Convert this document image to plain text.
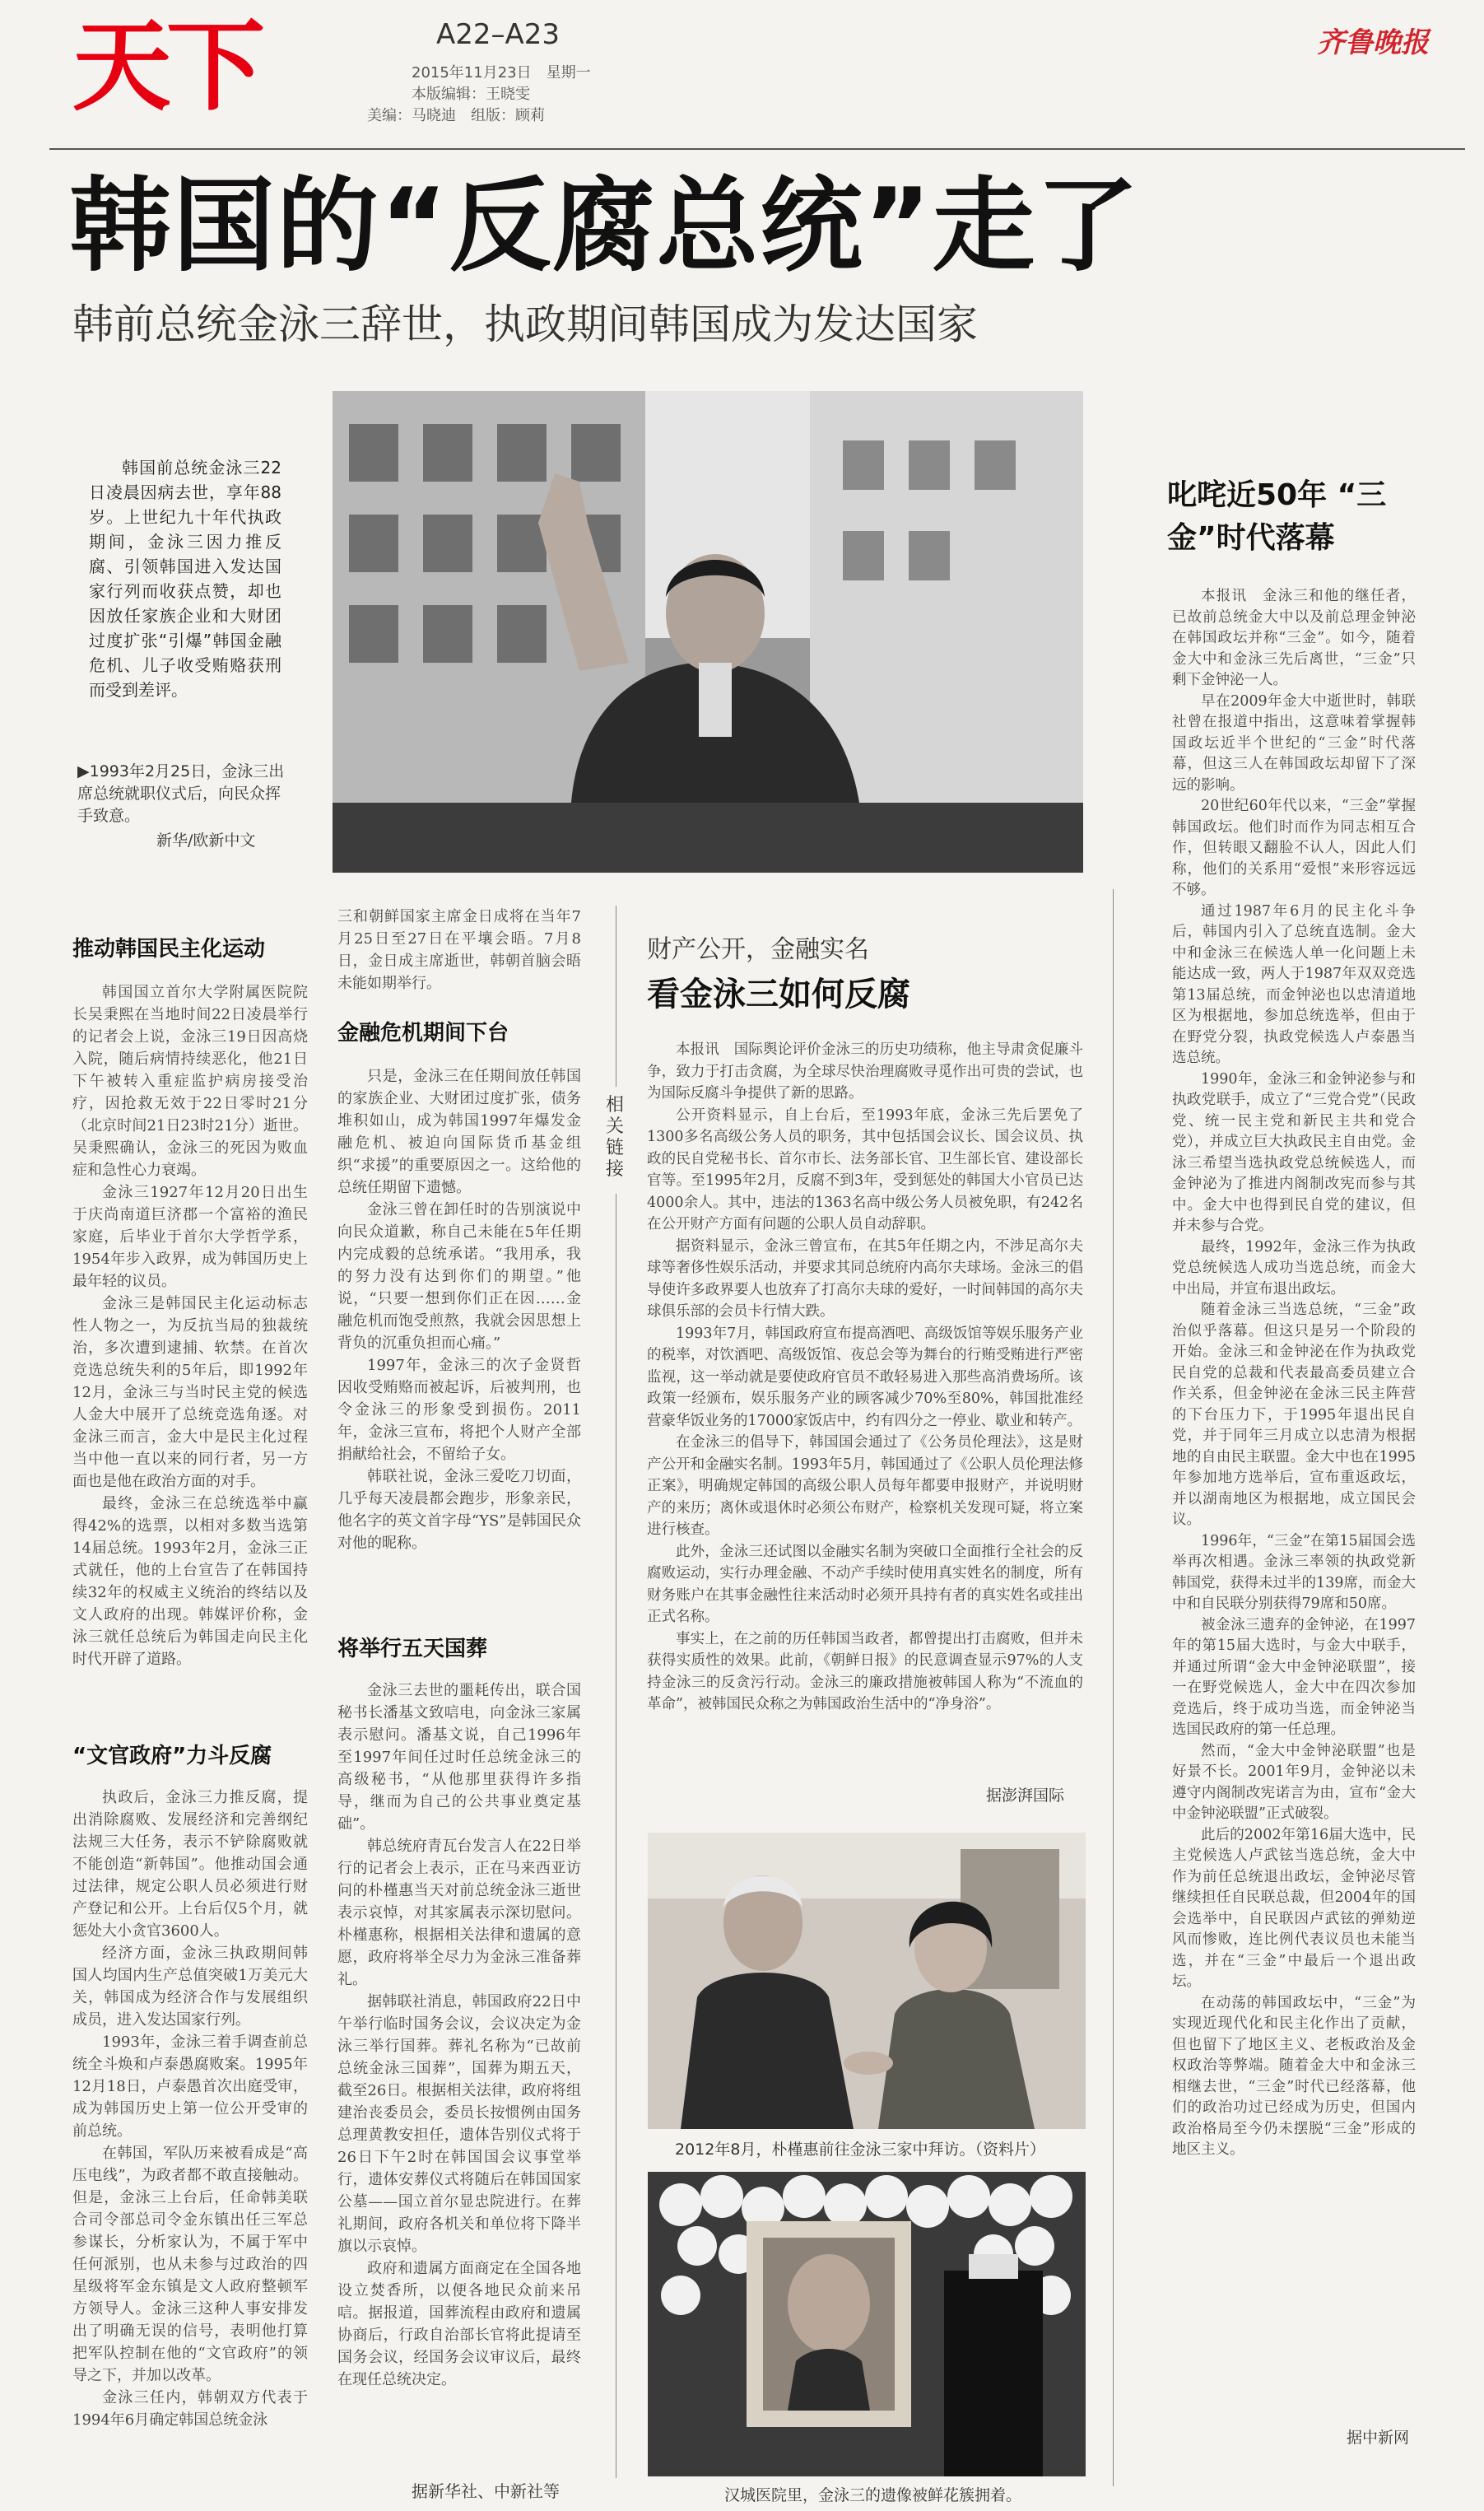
天下	A22–A23
2015年11月23日　星期一
本版编辑：王晓雯
美编：马晓迪　组版：顾莉
齐鲁晚报
韩国的“反腐总统”走了
韩前总统金泳三辞世，执政期间韩国成为发达国家
韩国前总统金泳三22日凌晨因病去世，享年88岁。上世纪九十年代执政期间，金泳三因力推反腐、引领韩国进入发达国家行列而收获点赞，却也因放任家族企业和大财团过度扩张“引爆”韩国金融危机、儿子收受贿赂获刑而受到差评。
▶1993年2月25日，金泳三出席总统就职仪式后，向民众挥手致意。
新华/欧新中文
推动韩国民主化运动

韩国国立首尔大学附属医院院长吴秉熙在当地时间22日凌晨举行的记者会上说，金泳三19日因高烧入院，随后病情持续恶化，他21日下午被转入重症监护病房接受治疗，因抢救无效于22日零时21分（北京时间21日23时21分）逝世。吴秉熙确认，金泳三的死因为败血症和急性心力衰竭。

金泳三1927年12月20日出生于庆尚南道巨济郡一个富裕的渔民家庭，后毕业于首尔大学哲学系，1954年步入政界，成为韩国历史上最年轻的议员。

金泳三是韩国民主化运动标志性人物之一，为反抗当局的独裁统治，多次遭到逮捕、软禁。在首次竞选总统失利的5年后，即1992年12月，金泳三与当时民主党的候选人金大中展开了总统竞选角逐。对金泳三而言，金大中是民主化过程当中他一直以来的同行者，另一方面也是他在政治方面的对手。

最终，金泳三在总统选举中赢得42%的选票，以相对多数当选第14届总统。1993年2月，金泳三正式就任，他的上台宣告了在韩国持续32年的权威主义统治的终结以及文人政府的出现。韩媒评价称，金泳三就任总统后为韩国走向民主化时代开辟了道路。

“文官政府”力斗反腐

执政后，金泳三力推反腐，提出消除腐败、发展经济和完善纲纪法规三大任务，表示不铲除腐败就不能创造“新韩国”。他推动国会通过法律，规定公职人员必须进行财产登记和公开。上台后仅5个月，就惩处大小贪官3600人。

经济方面，金泳三执政期间韩国人均国内生产总值突破1万美元大关，韩国成为经济合作与发展组织成员，进入发达国家行列。

1993年，金泳三着手调查前总统全斗焕和卢泰愚腐败案。1995年12月18日，卢泰愚首次出庭受审，成为韩国历史上第一位公开受审的前总统。

在韩国，军队历来被看成是“高压电线”，为政者都不敢直接触动。但是，金泳三上台后，任命韩美联合司令部总司令金东镇出任三军总参谋长，分析家认为，不属于军中任何派别，也从未参与过政治的四星级将军金东镇是文人政府整顿军方领导人。金泳三这种人事安排发出了明确无误的信号，表明他打算把军队控制在他的“文官政府”的领导之下，并加以改革。

金泳三任内，韩朝双方代表于1994年6月确定韩国总统金泳

三和朝鲜国家主席金日成将在当年7月25日至27日在平壤会晤。7月8日，金日成主席逝世，韩朝首脑会晤未能如期举行。

金融危机期间下台

只是，金泳三在任期间放任韩国的家族企业、大财团过度扩张，债务堆积如山，成为韩国1997年爆发金融危机、被迫向国际货币基金组织“求援”的重要原因之一。这给他的总统任期留下遗憾。

金泳三曾在卸任时的告别演说中向民众道歉，称自己未能在5年任期内完成毅的总统承诺。“我用承，我的努力没有达到你们的期望。”他说，“只要一想到你们正在因……金融危机而饱受煎熬，我就会因思想上背负的沉重负担而心痛。”

1997年，金泳三的次子金贤哲因收受贿赂而被起诉，后被判刑，也令金泳三的形象受到损伤。2011年，金泳三宣布，将把个人财产全部捐献给社会，不留给子女。

韩联社说，金泳三爱吃刀切面，几乎每天凌晨都会跑步，形象亲民，他名字的英文首字母“YS”是韩国民众对他的昵称。

将举行五天国葬

金泳三去世的噩耗传出，联合国秘书长潘基文致唁电，向金泳三家属表示慰问。潘基文说，自己1996年至1997年间任过时任总统金泳三的高级秘书，“从他那里获得许多指导，继而为自己的公共事业奠定基础”。

韩总统府青瓦台发言人在22日举行的记者会上表示，正在马来西亚访问的朴槿惠当天对前总统金泳三逝世表示哀悼，对其家属表示深切慰问。朴槿惠称，根据相关法律和遗属的意愿，政府将举全尽力为金泳三准备葬礼。

据韩联社消息，韩国政府22日中午举行临时国务会议，会议决定为金泳三举行国葬。葬礼名称为“已故前总统金泳三国葬”，国葬为期五天，截至26日。根据相关法律，政府将组建治丧委员会，委员长按惯例由国务总理黄教安担任，遗体告别仪式将于26日下午2时在韩国国会议事堂举行，遗体安葬仪式将随后在韩国国家公墓——国立首尔显忠院进行。在葬礼期间，政府各机关和单位将下降半旗以示哀悼。

政府和遗属方面商定在全国各地设立焚香所，以便各地民众前来吊唁。据报道，国葬流程由政府和遗属协商后，行政自治部长官将此提请至国务会议，经国务会议审议后，最终在现任总统决定。

据新华社、中新社等
相关链接
财产公开，金融实名
看金泳三如何反腐

本报讯　国际舆论评价金泳三的历史功绩称，他主导肃贪促廉斗争，致力于打击贪腐，为全球尽快治理腐败寻觅作出可贵的尝试，也为国际反腐斗争提供了新的思路。

公开资料显示，自上台后，至1993年底，金泳三先后罢免了1300多名高级公务人员的职务，其中包括国会议长、国会议员、执政的民自党秘书长、首尔市长、法务部长官、卫生部长官、建设部长官等。至1995年2月，反腐不到3年，受到惩处的韩国大小官员已达4000余人。其中，违法的1363名高中级公务人员被免职，有242名在公开财产方面有问题的公职人员自动辞职。

据资料显示，金泳三曾宣布，在其5年任期之内，不涉足高尔夫球等奢侈性娱乐活动，并要求其同总统府内高尔夫球场。金泳三的倡导使许多政界要人也放弃了打高尔夫球的爱好，一时间韩国的高尔夫球俱乐部的会员卡行情大跌。

1993年7月，韩国政府宣布提高酒吧、高级饭馆等娱乐服务产业的税率，对饮酒吧、高级饭馆、夜总会等为舞台的行贿受贿进行严密监视，这一举动就是要使政府官员不敢轻易进入那些高消费场所。该政策一经颁布，娱乐服务产业的顾客减少70%至80%，韩国批准经营豪华饭业务的17000家饭店中，约有四分之一停业、歇业和转产。

在金泳三的倡导下，韩国国会通过了《公务员伦理法》，这是财产公开和金融实名制。1993年5月，韩国通过了《公职人员伦理法修正案》，明确规定韩国的高级公职人员每年都要申报财产，并说明财产的来历；离休或退休时必须公布财产，检察机关发现可疑，将立案进行核查。

此外，金泳三还试图以金融实名制为突破口全面推行全社会的反腐败运动，实行办理金融、不动产手续时使用真实姓名的制度，所有财务账户在其事金融性往来活动时必须开具持有者的真实姓名或挂出正式名称。

事实上，在之前的历任韩国当政者，都曾提出打击腐败，但并未获得实质性的效果。此前，《朝鲜日报》的民意调查显示97%的人支持金泳三的反贪污行动。金泳三的廉政措施被韩国人称为“不流血的革命”，被韩国民众称之为韩国政治生活中的“净身浴”。

据澎湃国际
2012年8月，朴槿惠前往金泳三家中拜访。（资料片）
汉城医院里，金泳三的遗像被鲜花簇拥着。
叱咤近50年 “三金”时代落幕

本报讯　金泳三和他的继任者，已故前总统金大中以及前总理金钟泌在韩国政坛并称“三金”。如今，随着金大中和金泳三先后离世，“三金”只剩下金钟泌一人。

早在2009年金大中逝世时，韩联社曾在报道中指出，这意味着掌握韩国政坛近半个世纪的“三金”时代落幕，但这三人在韩国政坛却留下了深远的影响。

20世纪60年代以来，“三金”掌握韩国政坛。他们时而作为同志相互合作，但转眼又翻脸不认人，因此人们称，他们的关系用“爱恨”来形容远远不够。

通过1987年6月的民主化斗争后，韩国内引入了总统直选制。金大中和金泳三在候选人单一化问题上未能达成一致，两人于1987年双双竞选第13届总统，而金钟泌也以忠清道地区为根据地，参加总统选举，但由于在野党分裂，执政党候选人卢泰愚当选总统。

1990年，金泳三和金钟泌参与和执政党联手，成立了“三党合党”（民政党、统一民主党和新民主共和党合党），并成立巨大执政民主自由党。金泳三希望当选执政党总统候选人，而金钟泌为了推进内阁制改宪而参与其中。金大中也得到民自党的建议，但并未参与合党。

最终，1992年，金泳三作为执政党总统候选人成功当选总统，而金大中出局，并宣布退出政坛。

随着金泳三当选总统，“三金”政治似乎落幕。但这只是另一个阶段的开始。金泳三和金钟泌在作为执政党民自党的总裁和代表最高委员建立合作关系，但金钟泌在金泳三民主阵营的下台压力下，于1995年退出民自党，并于同年三月成立以忠清为根据地的自由民主联盟。金大中也在1995年参加地方选举后，宣布重返政坛，并以湖南地区为根据地，成立国民会议。

1996年，“三金”在第15届国会选举再次相遇。金泳三率领的执政党新韩国党，获得未过半的139席，而金大中和自民联分别获得79席和50席。

被金泳三遗弃的金钟泌，在1997年的第15届大选时，与金大中联手，并通过所谓“金大中金钟泌联盟”，接一在野党候选人，金大中在四次参加竞选后，终于成功当选，而金钟泌当选国民政府的第一任总理。

然而，“金大中金钟泌联盟”也是好景不长。2001年9月，金钟泌以未遵守内阁制改宪诺言为由，宣布“金大中金钟泌联盟”正式破裂。

此后的2002年第16届大选中，民主党候选人卢武铉当选总统，金大中作为前任总统退出政坛，金钟泌尽管继续担任自民联总裁，但2004年的国会选举中，自民联因卢武铉的弹劾逆风而惨败，连比例代表议员也未能当选，并在“三金”中最后一个退出政坛。

在动荡的韩国政坛中，“三金”为实现近现代化和民主化作出了贡献，但也留下了地区主义、老板政治及金权政治等弊端。随着金大中和金泳三相继去世，“三金”时代已经落幕，他们的政治功过已经成为历史，但国内政治格局至今仍未摆脱“三金”形成的地区主义。

据中新网
